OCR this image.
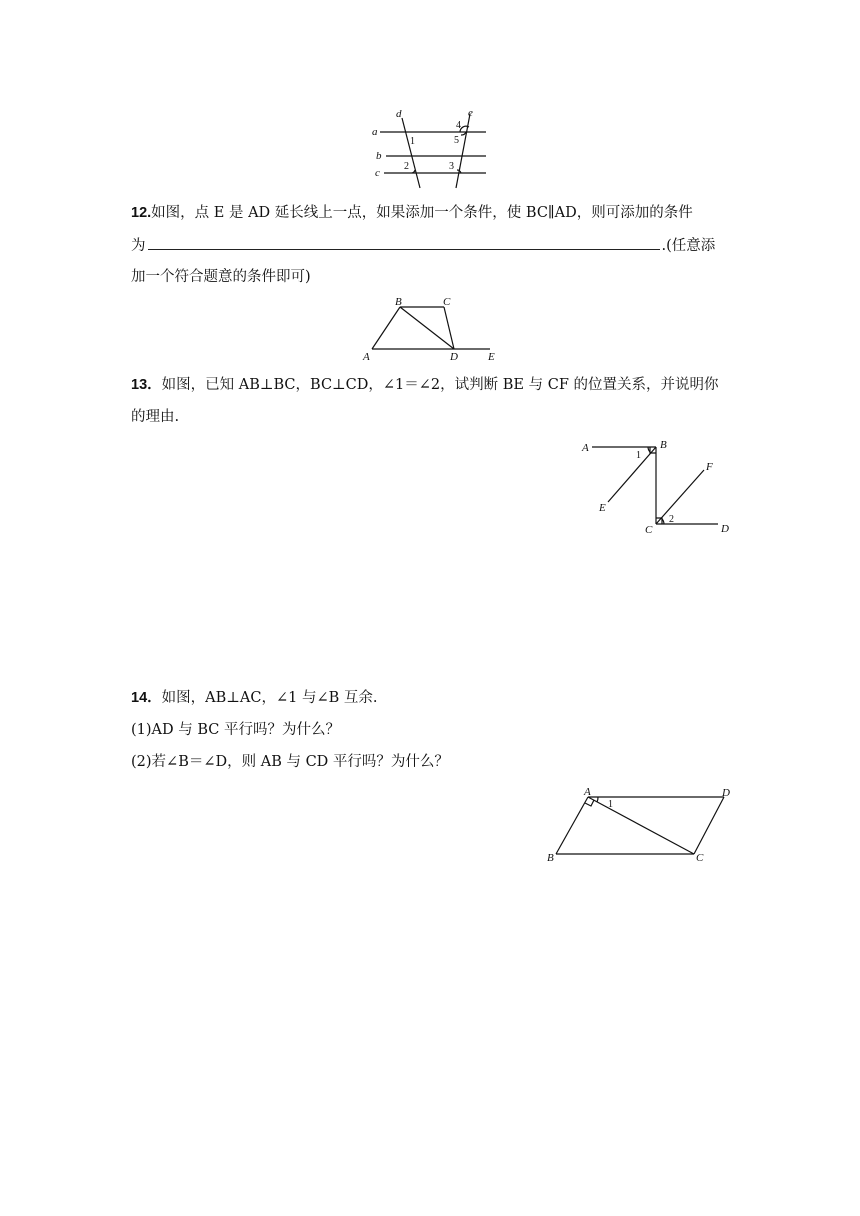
a
b
c
d	e
1
2	3
4
5
12.如图，点 E 是 AD 延长线上一点，如果添加一个条件，使 BC∥AD，则可添加的条件
为	.(任意添
加一个符合题意的条件即可)
A
B	C
D	E
13．如图，已知 AB⊥BC，BC⊥CD，∠1＝∠2，试判断 BE 与 CF 的位置关系，并说明你
的理由.
A	B
C	D
E
F
1
2
14．如图，AB⊥AC，∠1 与∠B 互余.
(1)AD 与 BC 平行吗？为什么？
(2)若∠B＝∠D，则 AB 与 CD 平行吗？为什么？
A
B	C
D
1
